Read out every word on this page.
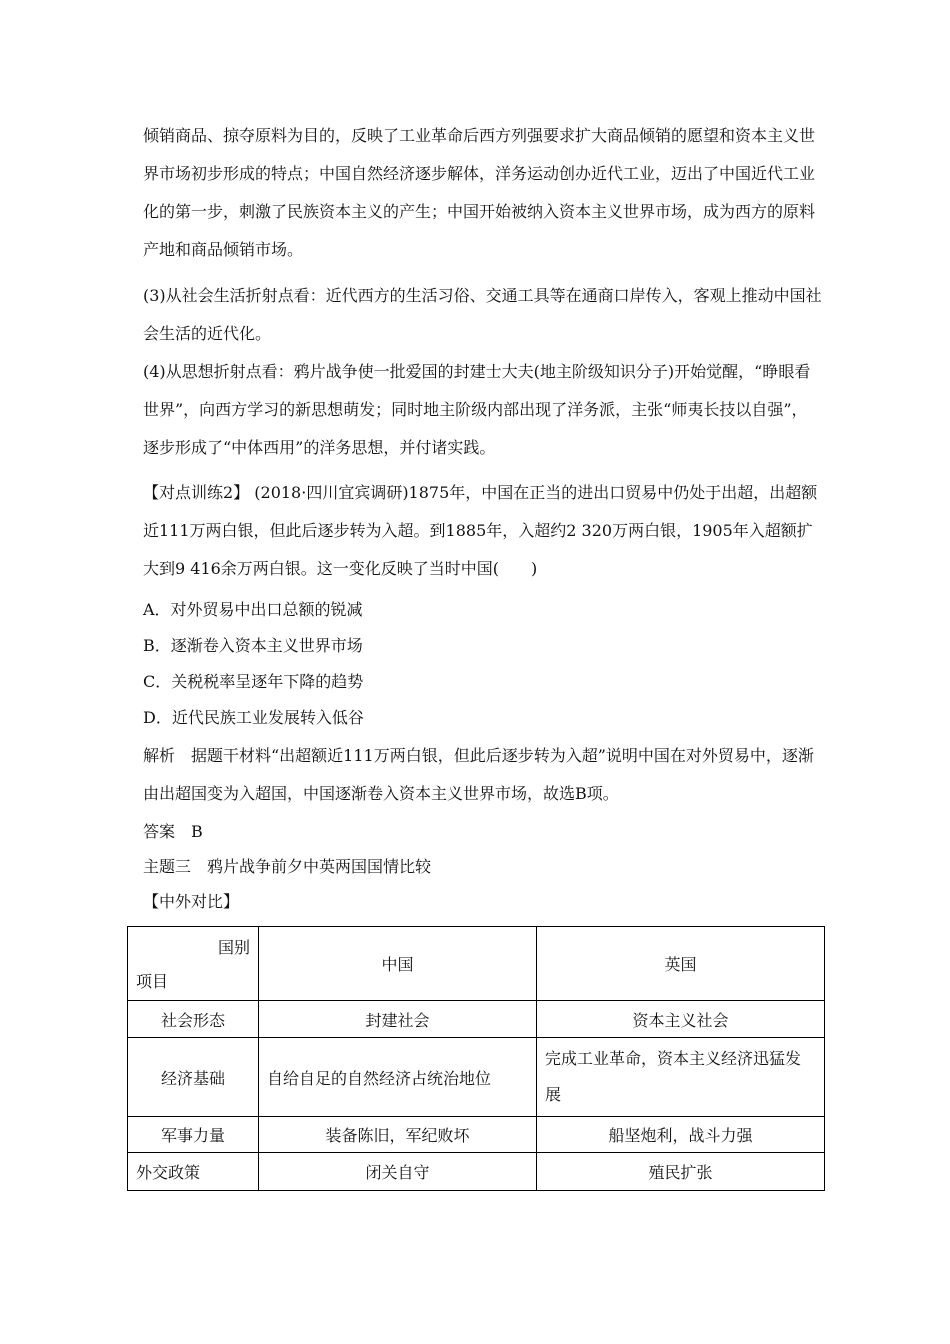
倾销商品、掠夺原料为目的，反映了工业革命后西方列强要求扩大商品倾销的愿望和资本主义世界市场初步形成的特点；中国自然经济逐步解体，洋务运动创办近代工业，迈出了中国近代工业化的第一步，刺激了民族资本主义的产生；中国开始被纳入资本主义世界市场，成为西方的原料产地和商品倾销市场。

(3)从社会生活折射点看：近代西方的生活习俗、交通工具等在通商口岸传入，客观上推动中国社会生活的近代化。

(4)从思想折射点看：鸦片战争使一批爱国的封建士大夫(地主阶级知识分子)开始觉醒，“睁眼看世界”，向西方学习的新思想萌发；同时地主阶级内部出现了洋务派，主张“师夷长技以自强”，逐步形成了“中体西用”的洋务思想，并付诸实践。

【对点训练2】 (2018·四川宜宾调研)1875年，中国在正当的进出口贸易中仍处于出超，出超额近111万两白银，但此后逐步转为入超。到1885年，入超约2 320万两白银，1905年入超额扩大到9 416余万两白银。这一变化反映了当时中国(　　)

A．对外贸易中出口总额的锐减
B．逐渐卷入资本主义世界市场
C．关税税率呈逐年下降的趋势
D．近代民族工业发展转入低谷

解析　据题干材料“出超额近111万两白银，但此后逐步转为入超”说明中国在对外贸易中，逐渐由出超国变为入超国，中国逐渐卷入资本主义世界市场，故选B项。

答案　B
主题三　鸦片战争前夕中英两国国情比较
【中外对比】
国别
项目	中国	英国
社会形态	封建社会	资本主义社会
经济基础	自给自足的自然经济占统治地位	完成工业革命，资本主义经济迅猛发展
军事力量	装备陈旧，军纪败坏	船坚炮利，战斗力强
外交政策	闭关自守	殖民扩张
